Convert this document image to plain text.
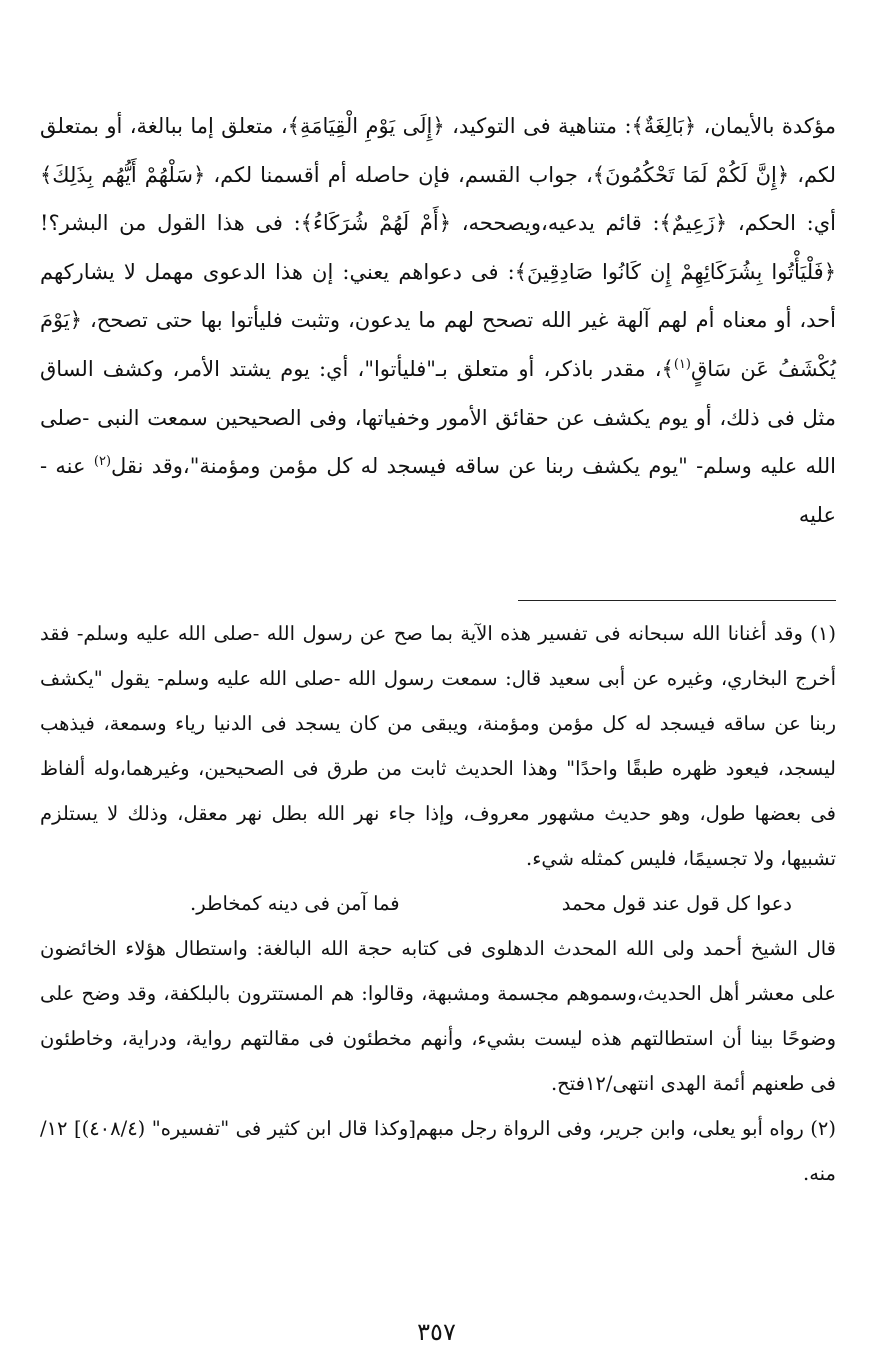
مؤكدة بالأيمان، ﴿بَالِغَةٌ﴾: متناهية فى التوكيد، ﴿إِلَى يَوْمِ الْقِيَامَةِ﴾، متعلق إما ببالغة، أو بمتعلق لكم، ﴿إِنَّ لَكُمْ لَمَا تَحْكُمُونَ﴾، جواب القسم، فإن حاصله أم أقسمنا لكم، ﴿سَلْهُمْ أَيُّهُم بِذَلِكَ﴾ أي: الحكم، ﴿زَعِيمٌ﴾: قائم يدعيه،ويصححه، ﴿أَمْ لَهُمْ شُرَكَاءُ﴾: فى هذا القول من البشر؟! ﴿فَلْيَأْتُوا بِشُرَكَائِهِمْ إِن كَانُوا صَادِقِينَ﴾: فى دعواهم يعني: إن هذا الدعوى مهمل لا يشاركهم أحد، أو معناه أم لهم آلهة غير الله تصحح لهم ما يدعون، وتثبت فليأتوا بها حتى تصحح، ﴿يَوْمَ يُكْشَفُ عَن سَاقٍ$^{(١)}$﴾، مقدر باذكر، أو متعلق بـ"فليأتوا"، أي: يوم يشتد الأمر، وكشف الساق مثل فى ذلك، أو يوم يكشف عن حقائق الأمور وخفياتها، وفى الصحيحين سمعت النبى -صلى الله عليه وسلم- "يوم يكشف ربنا عن ساقه فيسجد له كل مؤمن ومؤمنة"،وقد نقل$^{(٢)}$ عنه - عليه

(١) وقد أغنانا الله سبحانه فى تفسير هذه الآية بما صح عن رسول الله -صلى الله عليه وسلم- فقد أخرج البخاري، وغيره عن أبى سعيد قال: سمعت رسول الله -صلى الله عليه وسلم- يقول "يكشف ربنا عن ساقه فيسجد له كل مؤمن ومؤمنة، ويبقى من كان يسجد فى الدنيا رياء وسمعة، فيذهب ليسجد، فيعود ظهره طبقًا واحدًا" وهذا الحديث ثابت من طرق فى الصحيحين، وغيرهما،وله ألفاظ فى بعضها طول، وهو حديث مشهور معروف، وإذا جاء نهر الله بطل نهر معقل، وذلك لا يستلزم تشبيها، ولا تجسيمًا، فليس كمثله شيء.

دعوا كل قول عند قول محمد
فما آمن فى دينه كمخاطر.

قال الشيخ أحمد ولى الله المحدث الدهلوى فى كتابه حجة الله البالغة: واستطال هؤلاء الخائضون على معشر أهل الحديث،وسموهم مجسمة ومشبهة، وقالوا: هم المستترون بالبلكفة، وقد وضح على وضوحًا بينا أن استطالتهم هذه ليست بشيء، وأنهم مخطئون فى مقالتهم رواية، ودراية، وخاطئون فى طعنهم أئمة الهدى انتهى/١٢فتح.

(٢) رواه أبو يعلى، وابن جرير، وفى الرواة رجل مبهم[وكذا قال ابن كثير فى "تفسيره" (٤٠٨/٤)] ١٢/منه.

٣٥٧
